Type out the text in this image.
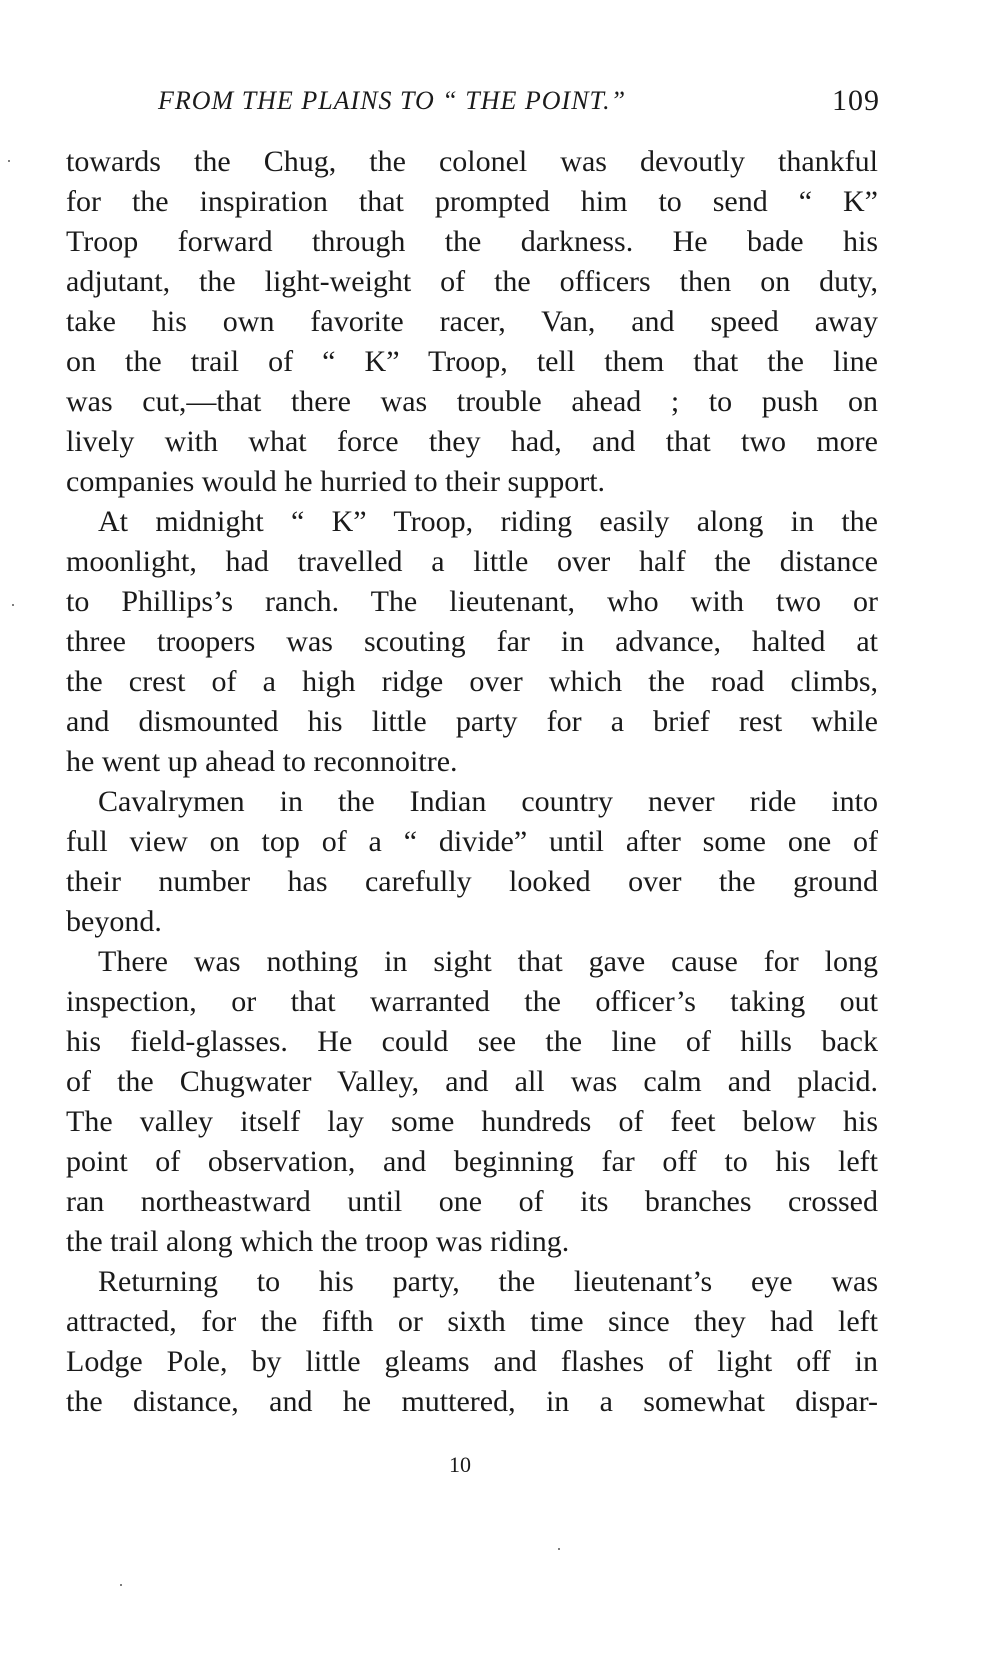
FROM THE PLAINS TO “ THE POINT.”	109
towards the Chug, the colonel was devoutly thankful
for the inspiration that prompted him to send “ K”
Troop forward through the darkness. He bade his
adjutant, the light-weight of the officers then on duty,
take his own favorite racer, Van, and speed away
on the trail of “ K” Troop, tell them that the line
was cut,—that there was trouble ahead ; to push on
lively with what force they had, and that two more
companies would he hurried to their support.
At midnight “ K” Troop, riding easily along in the
moonlight, had travelled a little over half the distance
to Phillips’s ranch. The lieutenant, who with two or
three troopers was scouting far in advance, halted at
the crest of a high ridge over which the road climbs,
and dismounted his little party for a brief rest while
he went up ahead to reconnoitre.
Cavalrymen in the Indian country never ride into
full view on top of a “ divide” until after some one of
their number has carefully looked over the ground
beyond.
There was nothing in sight that gave cause for long
inspection, or that warranted the officer’s taking out
his field-glasses. He could see the line of hills back
of the Chugwater Valley, and all was calm and placid.
The valley itself lay some hundreds of feet below his
point of observation, and beginning far off to his left
ran northeastward until one of its branches crossed
the trail along which the troop was riding.
Returning to his party, the lieutenant’s eye was
attracted, for the fifth or sixth time since they had left
Lodge Pole, by little gleams and flashes of light off in
the distance, and he muttered, in a somewhat dispar-
10
